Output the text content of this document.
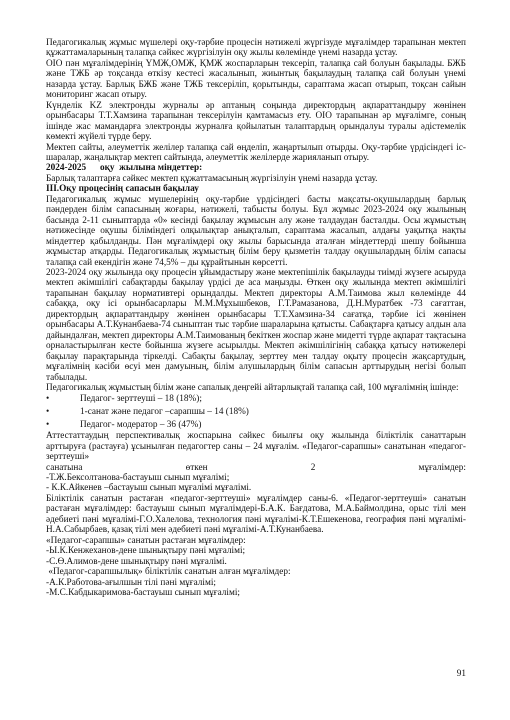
Педагогикалық жұмыс мүшелері оқу-тәрбие процесін нәтижелі жүргізуде мұғалімдер тарапынан мектеп құжаттамаларының талапқа сәйкес жүргізілуін оқу жылы көлемінде үнемі назарда ұстау.

ОІО пән мұғалімдерінің ҮМЖ,ОМЖ, ҚМЖ жоспарларын тексеріп, талапқа сай болуын бақылады. БЖБ және ТЖБ әр тоқсанда өткізу кестесі жасалынып, жиынтық бақылаудың талапқа сай болуын үнемі назарда ұстау. Барлық БЖБ және ТЖБ тексеріліп, қорытынды, сараптама жасап отырып, тоқсан сайын мониторинг жасап отыру.

Күнделік KZ электронды журналы әр аптаның соңында директордың ақпараттандыру жөнінен орынбасары Т.Т.Хамзина тарапынан тексерілуін қамтамасыз ету. ОІО тарапынан әр мұғалімге, соның ішінде жас мамандарға электронды журналға қойылатын талаптардың орындалуы туралы әдістемелік көмекті жүйелі түрде беру.

Мектеп сайты, әлеуметтік желілер талапқа сай өңделіп, жаңартылып отырды. Оқу-тәрбие үрдісіндегі іс-шаралар, жаңалықтар мектеп сайтында, әлеуметтік желілерде жарияланып отыру.

2024-2025      оқу  жылына міндеттер:

Барлық талаптарға сәйкес мектеп құжаттамасының жүргізілуін үнемі назарда ұстау.

ІІІ.Оқу процесінің сапасын бақылау

Педагогикалық жұмыс мүшелерінің оқу-тәрбие үрдісіндегі басты мақсаты-оқушылардың барлық пәндерден білім сапасының жоғары, нәтижелі, табысты болуы. Бұл жұмыс 2023-2024 оқу жылының басында 2-11 сыныптарда «0» кесінді бақылау жұмысын алу және талдаудан басталды. Осы жұмыстың нәтижесінде оқушы біліміндегі олқылықтар анықталып, сараптама жасалып, алдағы уақытқа нақты міндеттер қабылданды. Пән мұғалімдері оқу жылы барысында аталған міндеттерді шешу бойынша жұмыстар атқарды. Педагогикалық жұмыстың білім беру қызметін талдау оқушылардың білім сапасы талапқа сай екендігін және 74,5% – ды құрайтынын көрсетті.

2023-2024 оқу жылында оқу процесін ұйымдастыру және мектепішілік бақылауды тиімді жүзеге асыруда мектеп әкімшілігі сабақтарды бақылау үрдісі де аса маңызды. Өткен оқу жылында мектеп әкімшілігі тарапынан бақылау нормативтері орындалды. Мектеп директоры А.М.Таимова жыл көлемінде 44 сабаққа, оқу ісі орынбасарлары М.М.Мұхышбеков, Г.Т.Рамазанова, Д.Н.Муратбек -73 сағаттан, директордың ақпараттандыру жөнінен орынбасары Т.Т.Хамзина-34 сағатқа, тәрбие ісі жөнінен орынбасары А.Т.Кунанбаева-74 сыныптан тыс тәрбие шараларына қатысты. Сабақтарға қатысу алдын ала дайындалған, мектеп директоры А.М.Таимованың бекіткен жоспар және мидетті түрде ақпарат тақтасына орналастырылған кесте бойынша жүзеге асырылды. Мектеп әкімшілігінің сабаққа қатысу нәтижелері бақылау парақтарында тіркелді. Сабақты бақылау, зерттеу мен талдау оқыту процесін жақсартудың, мұғалімнің кәсіби өсуі мен дамуының, білім алушылардың білім сапасын арттырудың негізі болып табылады.

Педагогикалық жұмыстың білім және сапалық деңгейі айтарлықтай талапқа сай, 100 мұғалімнің ішінде:

• Педагог- зерттеуші – 18 (18%);
• 1-санат және педагог –сарапшы – 14 (18%)
• Педагог- модератор – 36 (47%)

Аттестаттаудың перспективалық жоспарына сәйкес биылғы оқу жылында біліктілік санаттарын арттыруға (растауға) ұсынылған педагогтер саны – 24 мұғалім. «Педагог-сарапшы» санатынан «педагог-зерттеуші»

санатына	өткен	2	мұғалімдер:

-Т.Ж.Бексолтанова-бастауыш сынып мұғалімі;

- К.К.Айкенев –бастауыш сынып мұғалімі мұғалімі.

Біліктілік санатын растаған «педагог-зерттеуші» мұғалімдер саны-6. «Педагог-зерттеуші» санатын растаған мұғалімдер: бастауыш сынып мұғалімдері-Б.А.К. Бағдатова, М.А.Баймолдина, орыс тілі мен әдебиеті пәні мұғалімі-Г.О.Халелова, технология пәні мұғалімі-К.Т.Ешекенова, география пәні мұғалімі-Н.А.Сабырбаев, қазақ тілі мен әдебиеті пәні мұғалімі-А.Т.Кунанбаева.

«Педагог-сарапшы» санатын растаған мұғалімдер:

-Ы.К.Кенжеханов-дене шынықтыру пәні мұғалімі;

-С.Ө.Алимов-дене шынықтыру пәні мұғалімі.

«Педагог-сарапшылық» біліктілік санатын алған мұғалімдер:

-А.К.Работова-ағылшын тілі пәні мұғалімі;

-М.С.Кабдыкаримова-бастауыш сынып мұғалімі;

91
